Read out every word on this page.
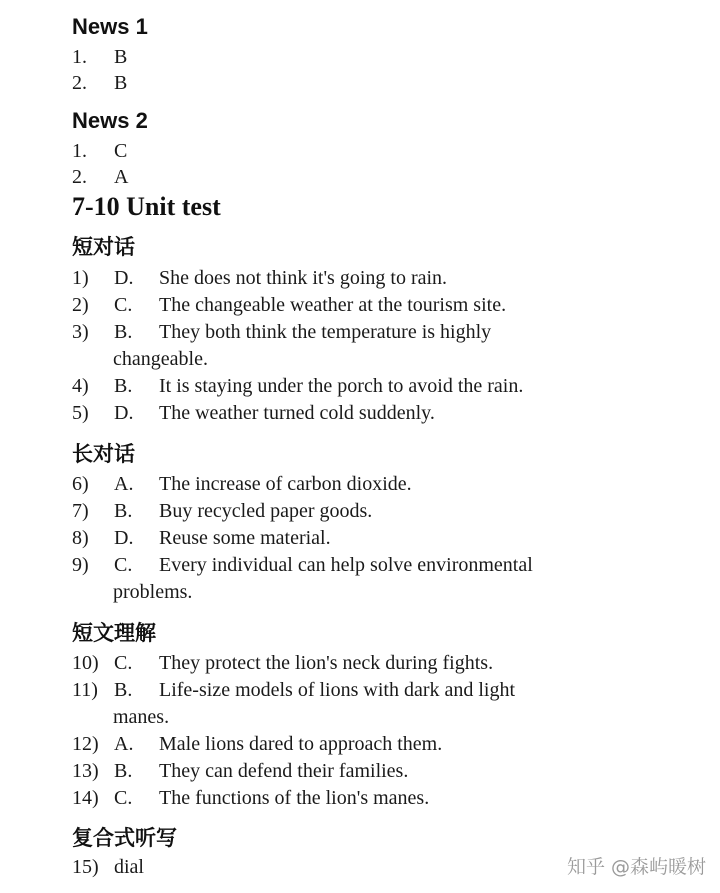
News 1
1. B
2. B
News 2
1. C
2. A
7-10 Unit test
短对话
1) D. She does not think it's going to rain.
2) C. The changeable weather at the tourism site.
3) B. They both think the temperature is highly
changeable.
4) B. It is staying under the porch to avoid the rain.
5) D. The weather turned cold suddenly.
长对话
6) A. The increase of carbon dioxide.
7) B. Buy recycled paper goods.
8) D. Reuse some material.
9) C. Every individual can help solve environmental
problems.
短文理解
10) C. They protect the lion's neck during fights.
11) B. Life-size models of lions with dark and light
manes.
12) A. Male lions dared to approach them.
13) B. They can defend their families.
14) C. The functions of the lion's manes.
复合式听写
15) dial	知乎 @森屿暖树
